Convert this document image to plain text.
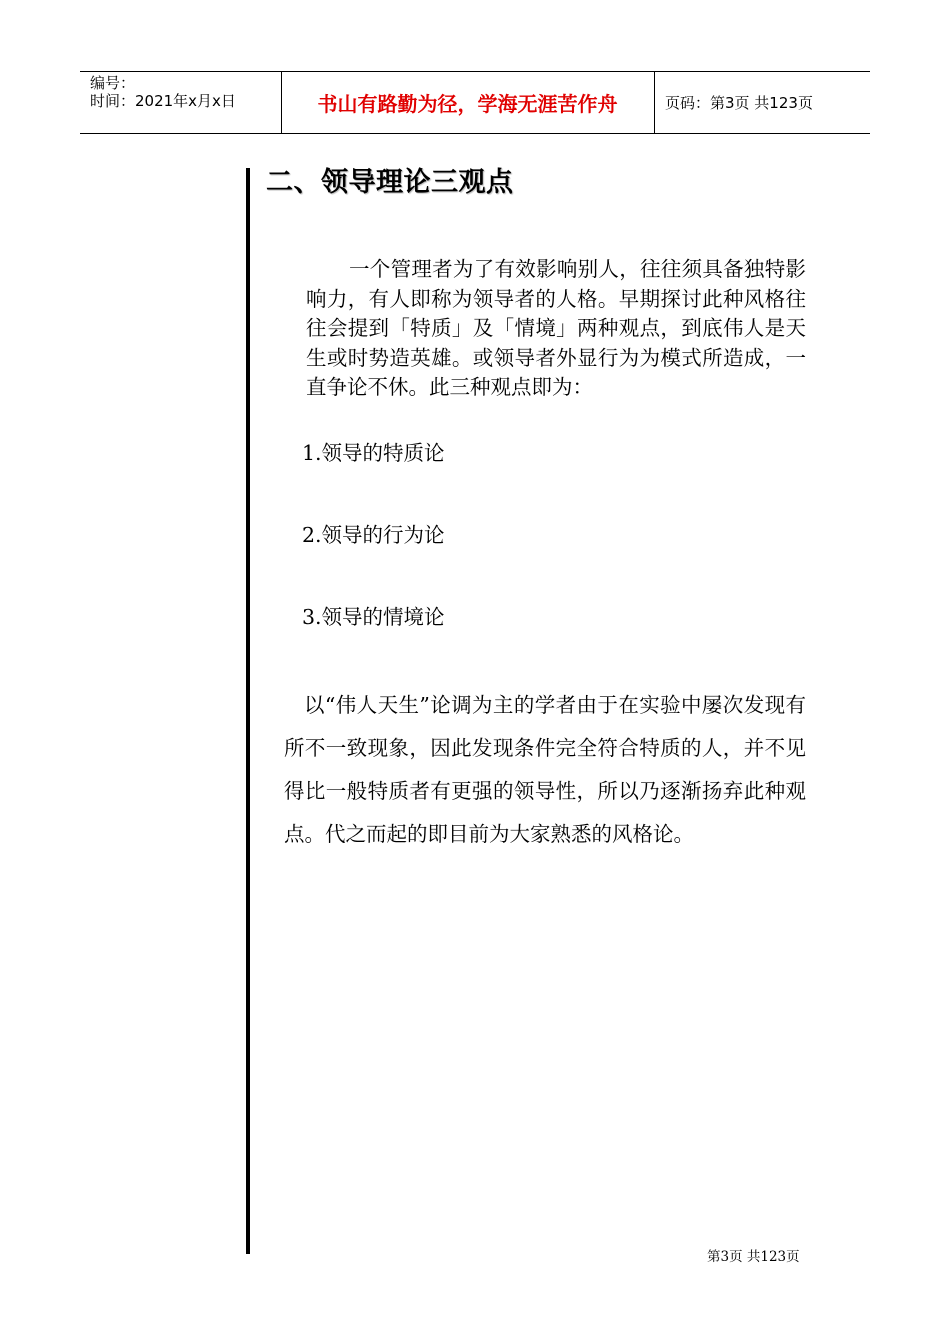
编号：
时间：2021年x月x日	书山有路勤为径，学海无涯苦作舟	页码：第3页 共123页
二、领导理论三观点

一个管理者为了有效影响别人，往往须具备独特影响力，有人即称为领导者的人格。早期探讨此种风格往往会提到「特质」及「情境」两种观点，到底伟人是天生或时势造英雄。或领导者外显行为为模式所造成，一直争论不休。此三种观点即为：

1.领导的特质论
2.领导的行为论
3.领导的情境论

以“伟人天生”论调为主的学者由于在实验中屡次发现有所不一致现象，因此发现条件完全符合特质的人，并不见得比一般特质者有更强的领导性，所以乃逐渐扬弃此种观点。代之而起的即目前为大家熟悉的风格论。

第3页 共123页
